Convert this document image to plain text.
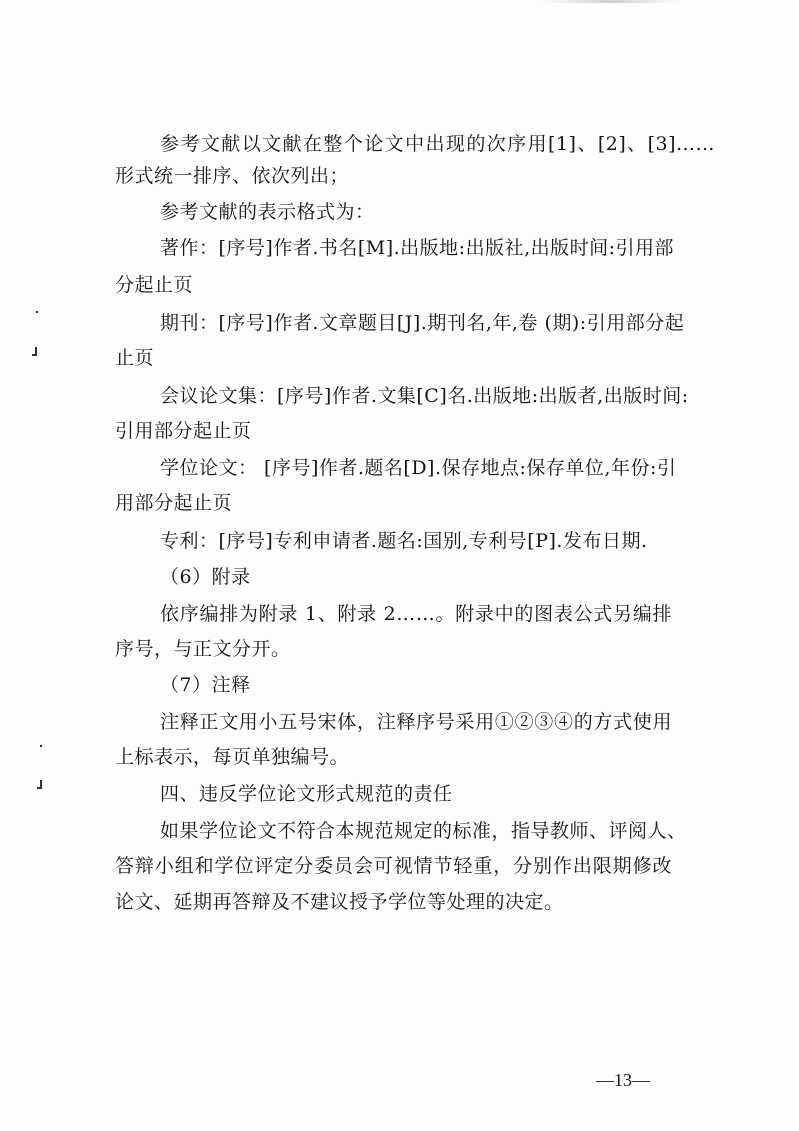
参考文献以文献在整个论文中出现的次序用[1]、[2]、[3]……
形式统一排序、依次列出；
参考文献的表示格式为：
著作：[序号]作者.书名[M].出版地:出版社,出版时间:引用部
分起止页
期刊：[序号]作者.文章题目[J].期刊名,年,卷 (期):引用部分起
止页
会议论文集：[序号]作者.文集[C]名.出版地:出版者,出版时间:
引用部分起止页
学位论文： [序号]作者.题名[D].保存地点:保存单位,年份:引
用部分起止页
专利：[序号]专利申请者.题名:国别,专利号[P].发布日期.
（6）附录
依序编排为附录 1、附录 2……。附录中的图表公式另编排
序号，与正文分开。
（7）注释
注释正文用小五号宋体，注释序号采用①②③④的方式使用
上标表示，每页单独编号。
四、违反学位论文形式规范的责任
如果学位论文不符合本规范规定的标准，指导教师、评阅人、
答辩小组和学位评定分委员会可视情节轻重，分别作出限期修改
论文、延期再答辩及不建议授予学位等处理的决定。
—13—
